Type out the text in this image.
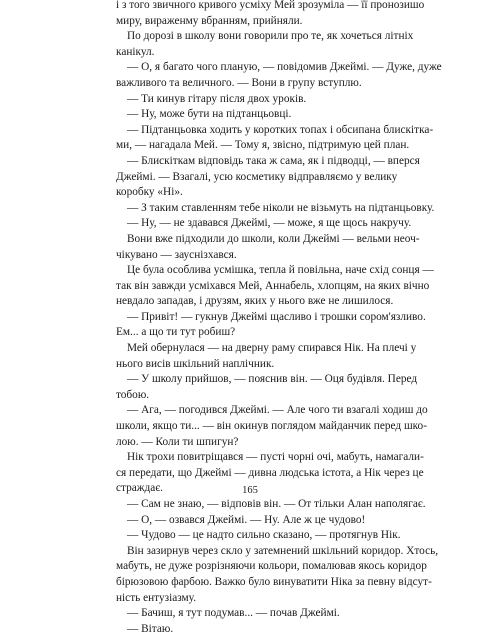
і з того звичного кривого усміху Мей зрозуміла — її пронозишо
миру, вираженму вбранням, прийняли.
По дорозі в школу вони говорили про те, як хочеться літніх
канікул.
— О, я багато чого планую, — повідомив Джеймі. — Дуже, дуже
важливого та величного. — Вони в групу вступлю.
— Ти кинув гітару після двох уроків.
— Ну, може бути на підтанцьовці.
— Підтанцьовка ходить у коротких топах і обсипана блискітка-
ми, — нагадала Мей. — Тому я, звісно, підтримую цей план.
— Блискіткам відповідь така ж сама, як і підводці, — вперся
Джеймі. — Взагалі, усю косметику відправляємо у велику
коробку «Ні».
— З таким ставленням тебе ніколи не візьмуть на підтанцьовку.
— Ну, — не здавався Джеймі, — може, я ще щось накручу.
Вони вже підходили до школи, коли Джеймі — вельми неоч-
чікувано — зауснізхався.
Це була особлива усмішка, тепла й повільна, наче схід сонця —
так він завжди усміхався Мей, Аннабель, хлопцям, на яких вічно
невдало западав, і друзям, яких у нього вже не лишилося.
— Привіт! — гукнув Джеймі щасливо і трошки сором'язливо.
Ем... а що ти тут робиш?
Мей обернулася — на дверну раму спирався Нік. На плечі у
нього висів шкільний наплічник.
— У школу прийшов, — пояснив він. — Оця будівля. Перед
тобою.
— Ага, — погодився Джеймі. — Але чого ти взагалі ходиш до
школи, якщо ти... — він окинув поглядом майданчик перед шко-
лою. — Коли ти шпигун?
Нік трохи повитріщався — пусті чорні очі, мабуть, намагали-
ся передати, що Джеймі — дивна людська істота, а Нік через це
страждає.
— Сам не знаю, — відповів він. — От тільки Алан наполягає.
— О, — озвався Джеймі. — Ну. Але ж це чудово!
— Чудово — це надто сильно сказано, — протягнув Нік.
Він зазирнув через скло у затемнений шкільний коридор. Хтось,
мабуть, не дуже розрізняючи кольори, помалював якось коридор
бірюзовою фарбою. Важко було винуватити Ніка за певну відсут-
ність ентузіазму.
— Бачиш, я тут подумав... — почав Джеймі.
— Вітаю.
165
